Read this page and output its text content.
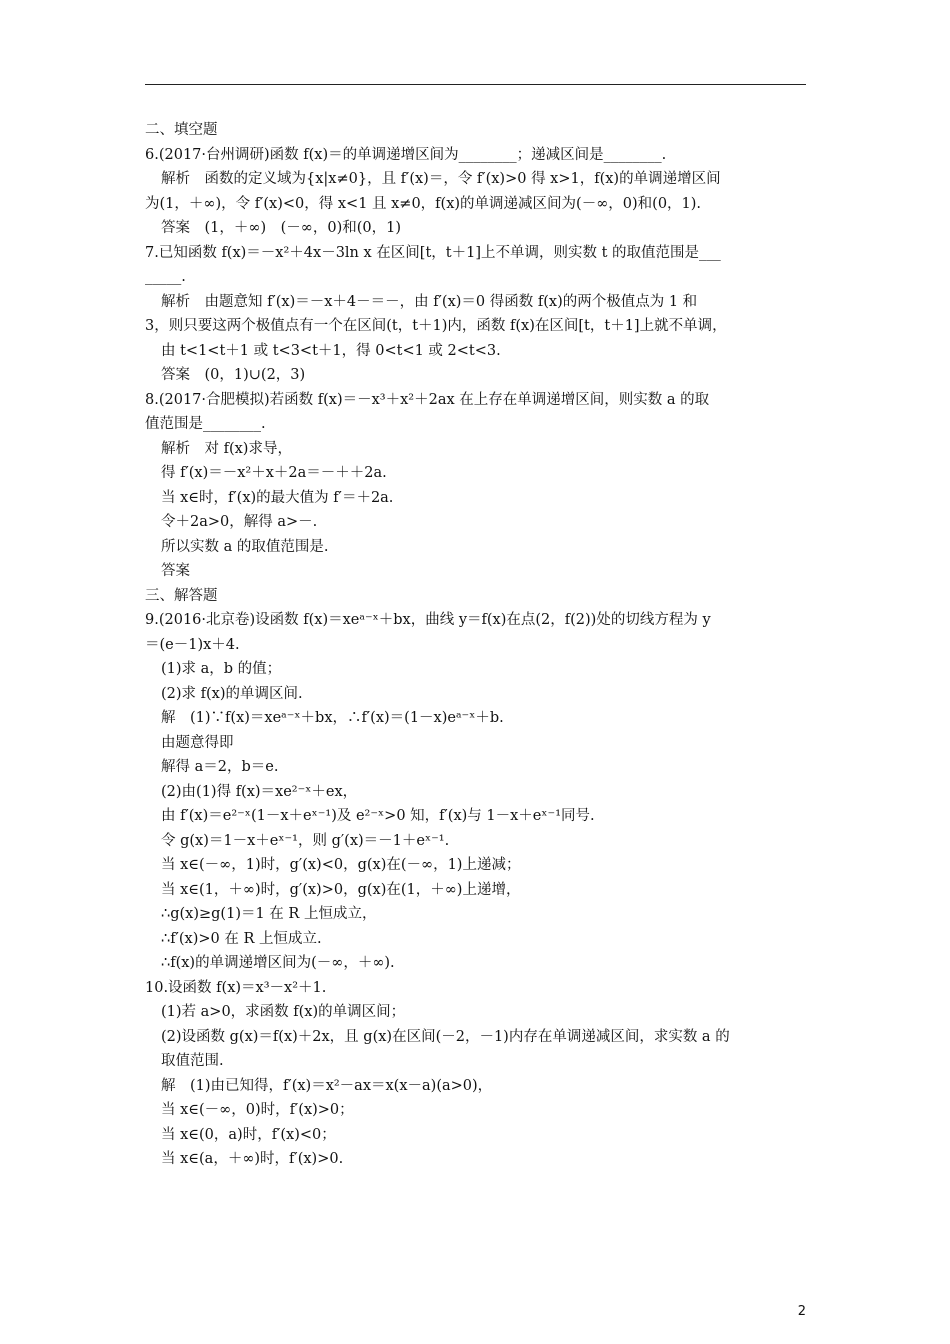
二、填空题
6.(2017·台州调研)函数 f(x)＝的单调递增区间为________；递减区间是________.
解析　函数的定义域为{x|x≠0}，且 f′(x)＝，令 f′(x)>0 得 x>1，f(x)的单调递增区间
为(1，＋∞)，令 f′(x)<0，得 x<1 且 x≠0，f(x)的单调递减区间为(－∞，0)和(0，1).
答案　(1，＋∞)　(－∞，0)和(0，1)
7.已知函数 f(x)＝－x²＋4x－3ln x 在区间[t，t＋1]上不单调，则实数 t 的取值范围是___
_____.
解析　由题意知 f′(x)＝－x＋4－＝－，由 f′(x)＝0 得函数 f(x)的两个极值点为 1 和
3，则只要这两个极值点有一个在区间(t，t＋1)内，函数 f(x)在区间[t，t＋1]上就不单调，
由 t<1<t＋1 或 t<3<t＋1，得 0<t<1 或 2<t<3.
答案　(0，1)∪(2，3)
8.(2017·合肥模拟)若函数 f(x)＝－x³＋x²＋2ax 在上存在单调递增区间，则实数 a 的取
值范围是________.
解析　对 f(x)求导，
得 f′(x)＝－x²＋x＋2a＝－＋＋2a.
当 x∈时，f′(x)的最大值为 f′＝＋2a.
令＋2a>0，解得 a>－.
所以实数 a 的取值范围是.
答案
三、解答题
9.(2016·北京卷)设函数 f(x)＝xeᵃ⁻ˣ＋bx，曲线 y＝f(x)在点(2，f(2))处的切线方程为 y
＝(e－1)x＋4.
(1)求 a，b 的值；
(2)求 f(x)的单调区间.
解　(1)∵f(x)＝xeᵃ⁻ˣ＋bx，∴f′(x)＝(1－x)eᵃ⁻ˣ＋b.
由题意得即
解得 a＝2，b＝e.
(2)由(1)得 f(x)＝xe²⁻ˣ＋ex，
由 f′(x)＝e²⁻ˣ(1－x＋eˣ⁻¹)及 e²⁻ˣ>0 知，f′(x)与 1－x＋eˣ⁻¹同号.
令 g(x)＝1－x＋eˣ⁻¹，则 g′(x)＝－1＋eˣ⁻¹.
当 x∈(－∞，1)时，g′(x)<0，g(x)在(－∞，1)上递减；
当 x∈(1，＋∞)时，g′(x)>0，g(x)在(1，＋∞)上递增，
∴g(x)≥g(1)＝1 在 R 上恒成立，
∴f′(x)>0 在 R 上恒成立.
∴f(x)的单调递增区间为(－∞，＋∞).
10.设函数 f(x)＝x³－x²＋1.
(1)若 a>0，求函数 f(x)的单调区间；
(2)设函数 g(x)＝f(x)＋2x，且 g(x)在区间(－2，－1)内存在单调递减区间，求实数 a 的
取值范围.
解　(1)由已知得，f′(x)＝x²－ax＝x(x－a)(a>0)，
当 x∈(－∞，0)时，f′(x)>0；
当 x∈(0，a)时，f′(x)<0；
当 x∈(a，＋∞)时，f′(x)>0.
2
